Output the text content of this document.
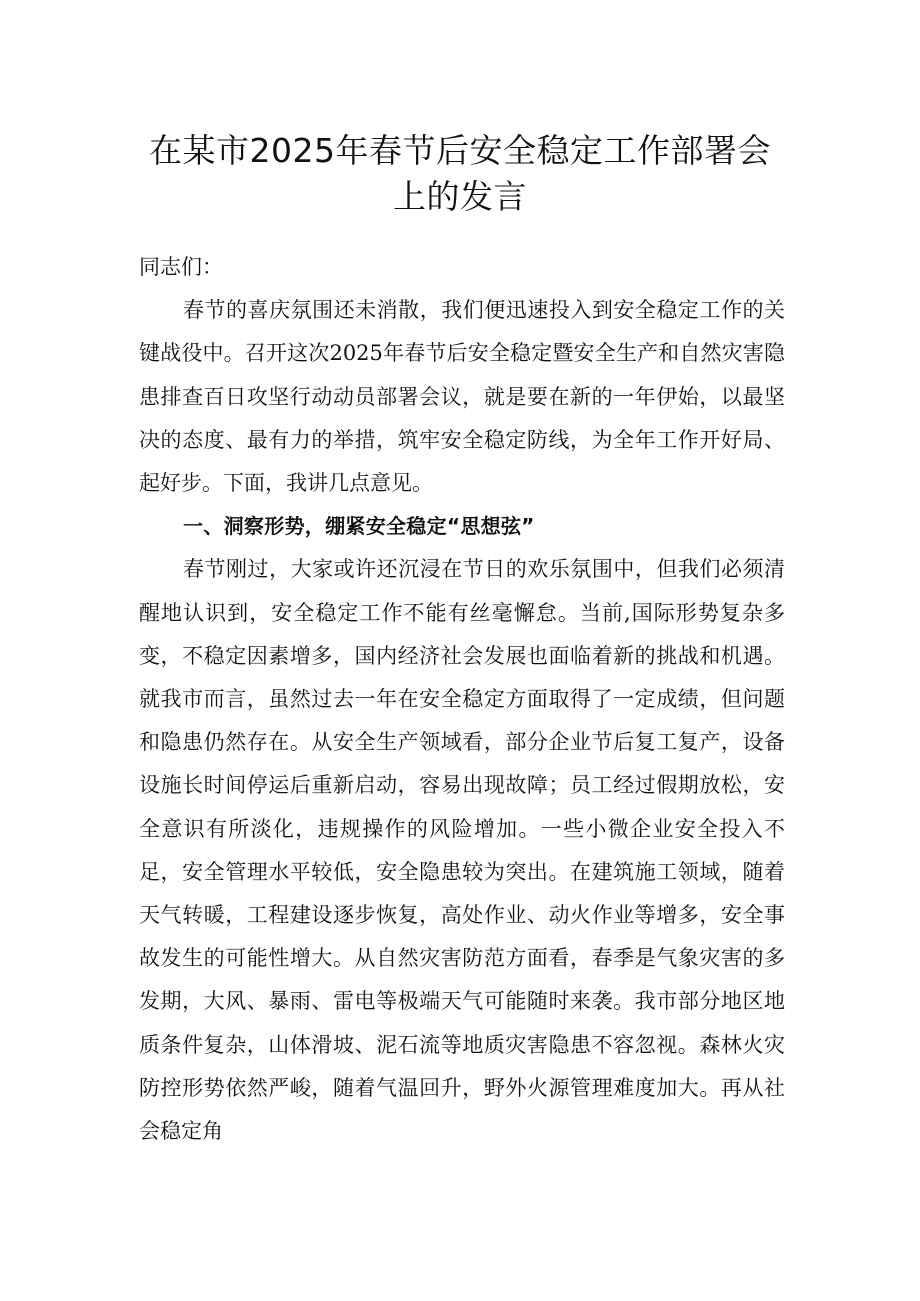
在某市2025年春节后安全稳定工作部署会
上的发言

同志们：

春节的喜庆氛围还未消散，我们便迅速投入到安全稳定工作的关键战役中。召开这次2025年春节后安全稳定暨安全生产和自然灾害隐患排查百日攻坚行动动员部署会议，就是要在新的一年伊始，以最坚决的态度、最有力的举措，筑牢安全稳定防线，为全年工作开好局、起好步。下面，我讲几点意见。

一、洞察形势，绷紧安全稳定“思想弦”

春节刚过，大家或许还沉浸在节日的欢乐氛围中，但我们必须清醒地认识到，安全稳定工作不能有丝毫懈怠。当前,国际形势复杂多变，不稳定因素增多，国内经济社会发展也面临着新的挑战和机遇。就我市而言，虽然过去一年在安全稳定方面取得了一定成绩，但问题和隐患仍然存在。从安全生产领域看，部分企业节后复工复产，设备设施长时间停运后重新启动，容易出现故障；员工经过假期放松，安全意识有所淡化，违规操作的风险增加。一些小微企业安全投入不足，安全管理水平较低，安全隐患较为突出。在建筑施工领域，随着天气转暖，工程建设逐步恢复，高处作业、动火作业等增多，安全事故发生的可能性增大。从自然灾害防范方面看，春季是气象灾害的多发期，大风、暴雨、雷电等极端天气可能随时来袭。我市部分地区地质条件复杂，山体滑坡、泥石流等地质灾害隐患不容忽视。森林火灾防控形势依然严峻，随着气温回升，野外火源管理难度加大。再从社会稳定角
